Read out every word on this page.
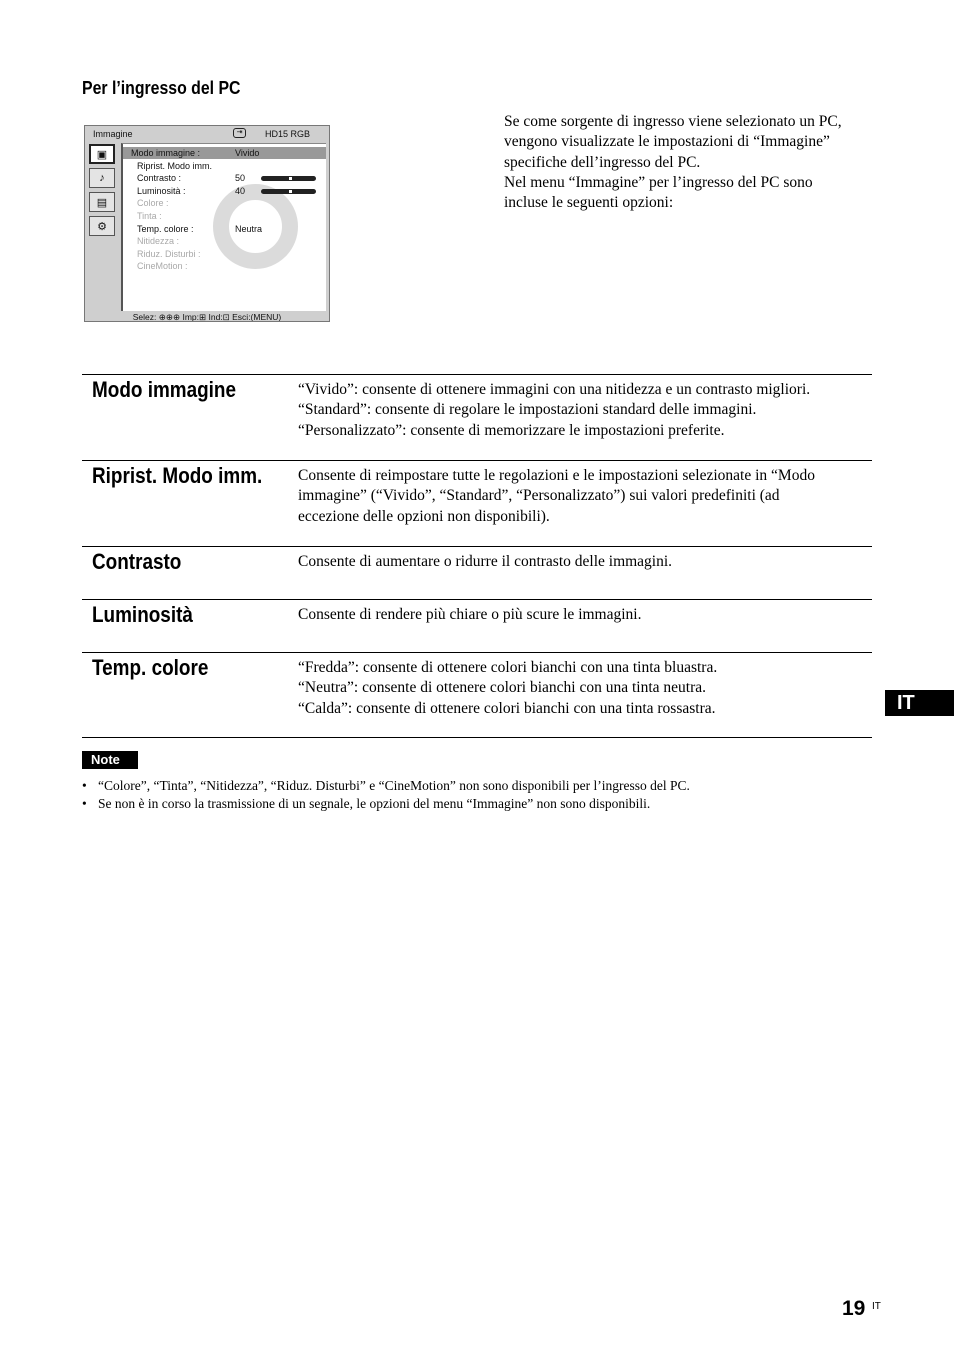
Per l’ingresso del PC
Se come sorgente di ingresso viene selezionato un PC,
vengono visualizzate le impostazioni di “Immagine”
specifiche dell’ingresso del PC.
Nel menu “Immagine” per l’ingresso del PC sono
incluse le seguenti opzioni:
Immagine	⇥	HD15 RGB
▣
♪
▤
⚙
Modo immagine :	Vivido
Riprist. Modo imm.
Contrasto :	50
Luminosità :	40
Colore :
Tinta :
Temp. colore :	Neutra
Nitidezza :
Riduz. Disturbi :
CineMotion :
Selez: ⊕⊕⊕ Imp:⊞ Ind:⊡ Esci:(MENU)
Modo immagine	“Vivido”: consente di ottenere immagini con una nitidezza e un contrasto migliori.
“Standard”: consente di regolare le impostazioni standard delle immagini.
“Personalizzato”: consente di memorizzare le impostazioni preferite.
Riprist. Modo imm. Consente di reimpostare tutte le regolazioni e le impostazioni selezionate in “Modo
immagine” (“Vivido”, “Standard”, “Personalizzato”) sui valori predefiniti (ad
eccezione delle opzioni non disponibili).
Contrasto	Consente di aumentare o ridurre il contrasto delle immagini.
Luminosità	Consente di rendere più chiare o più scure le immagini.
Temp. colore	“Fredda”: consente di ottenere colori bianchi con una tinta bluastra.
“Neutra”: consente di ottenere colori bianchi con una tinta neutra.
“Calda”: consente di ottenere colori bianchi con una tinta rossastra.
Note
• “Colore”, “Tinta”, “Nitidezza”, “Riduz. Disturbi” e “CineMotion” non sono disponibili per l’ingresso del PC.
• Se non è in corso la trasmissione di un segnale, le opzioni del menu “Immagine” non sono disponibili.
IT
19 IT
